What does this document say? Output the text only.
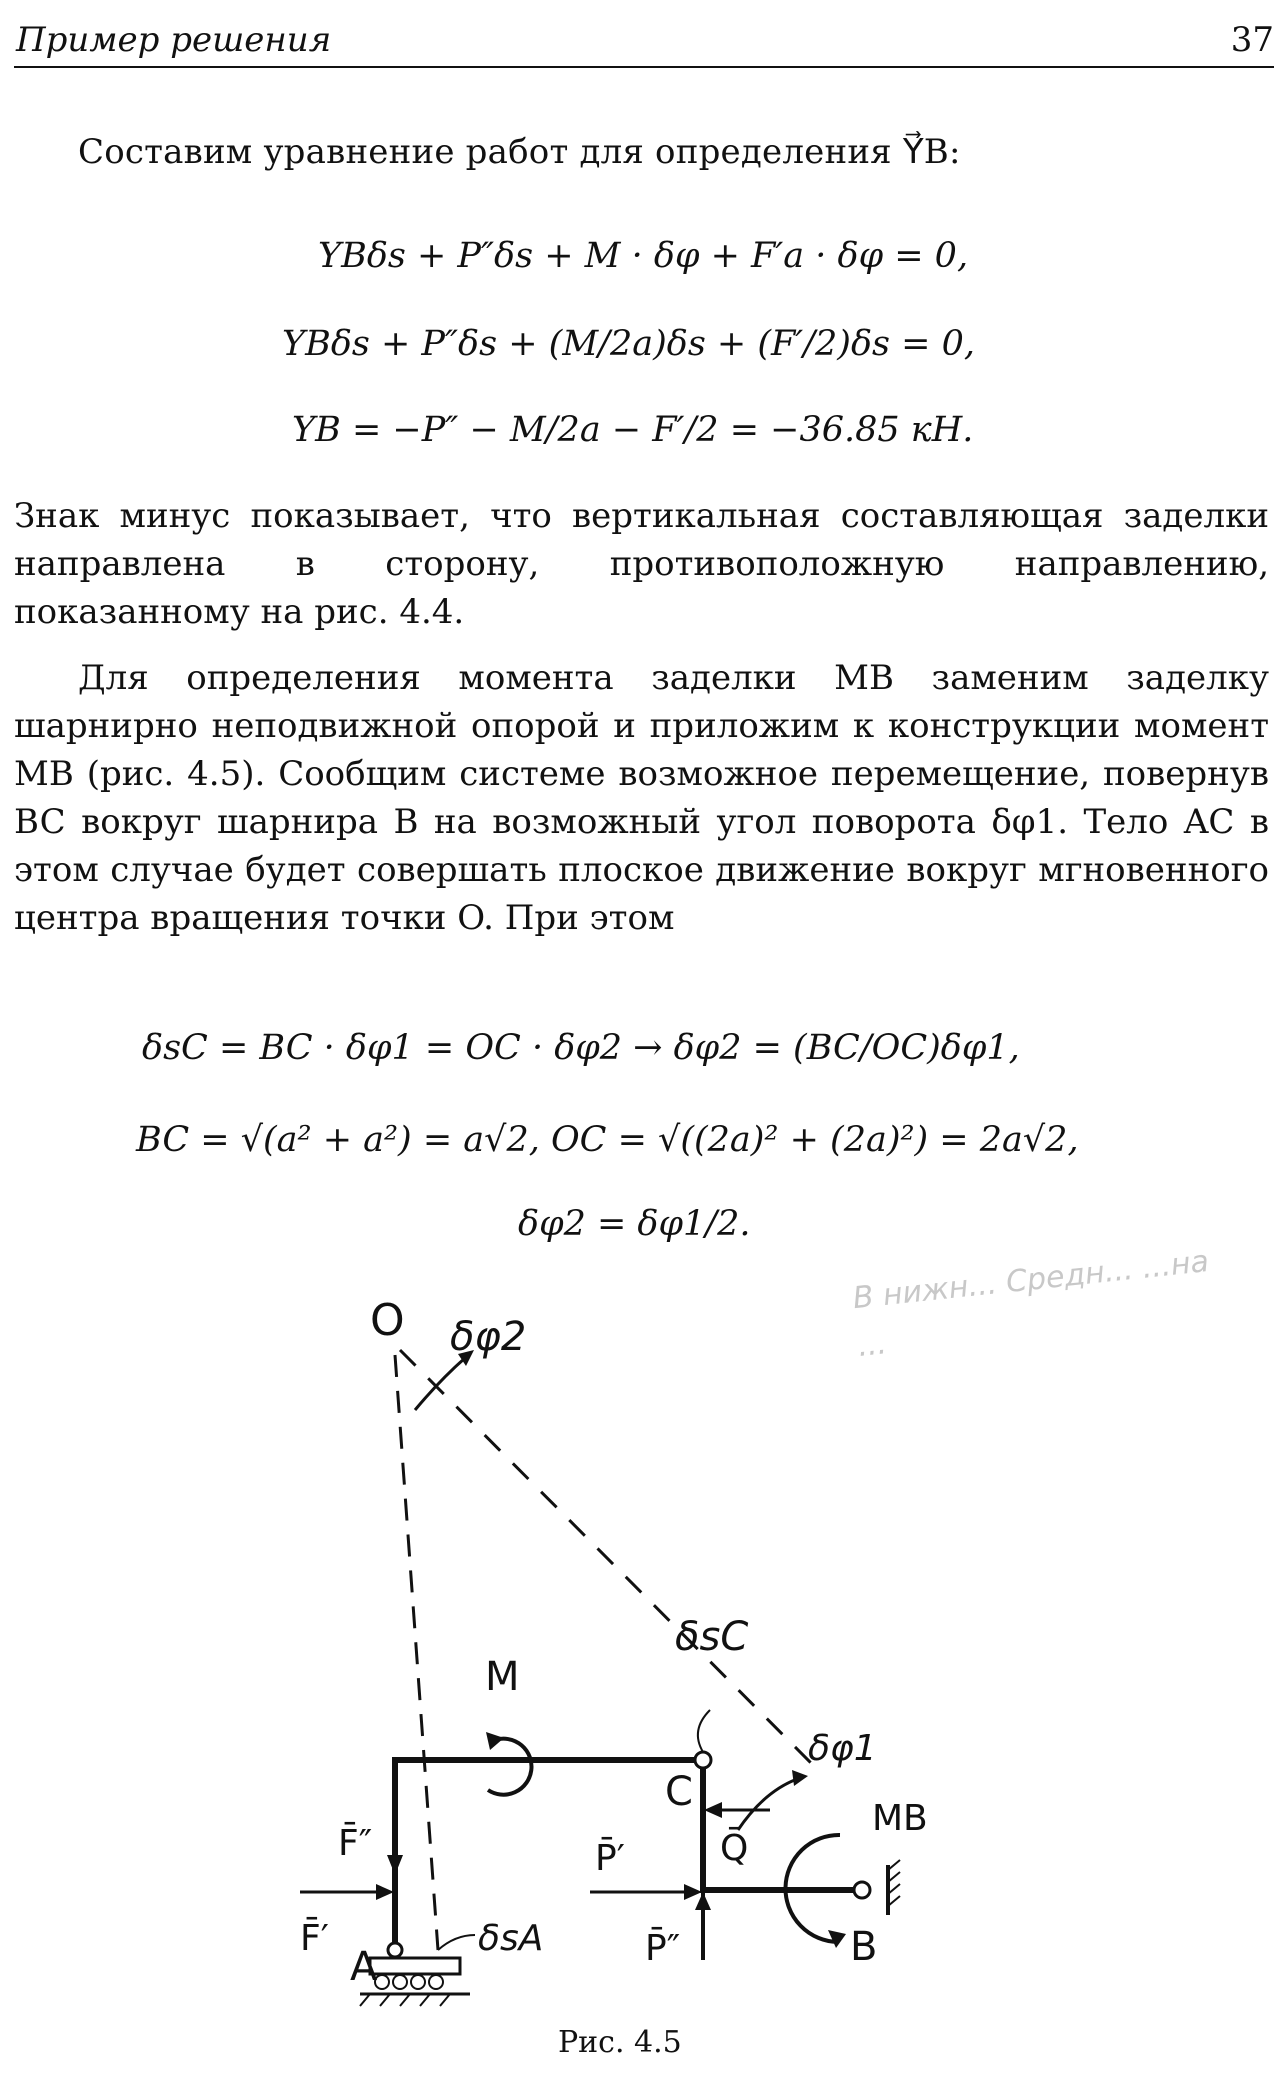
Пример решения	37
Составим уравнение работ для определения Y⃗B:
YBδs + P″δs + M · δφ + F′a · δφ = 0,
YBδs + P″δs + (M/2a)δs + (F′/2)δs = 0,
YB = −P″ − M/2a − F′/2 = −36.85 кН.
Знак минус показывает, что вертикальная составляющая заделки направлена в сторону, противоположную направлению, показанному на рис. 4.4.
Для определения момента заделки MB заменим заделку шарнирно неподвижной опорой и приложим к конструкции момент MB (рис. 4.5). Сообщим системе возможное перемещение, повернув BC вокруг шарнира B на возможный угол поворота δφ1. Тело AC в этом случае будет совершать плоское движение вокруг мгновенного центра вращения точки O. При этом
δsC = BC · δφ1 = OC · δφ2 → δφ2 = (BC/OC)δφ1,
BC = √(a² + a²) = a√2, OC = √((2a)² + (2a)²) = 2a√2,
δφ2 = δφ1/2.
В нижн... Средн... ...на ...
O
A	B
C
M
MB
δφ2
δφ1
δsC
δsA
F̄″
F̄′
P̄′
P̄″
Q̄
Рис. 4.5
